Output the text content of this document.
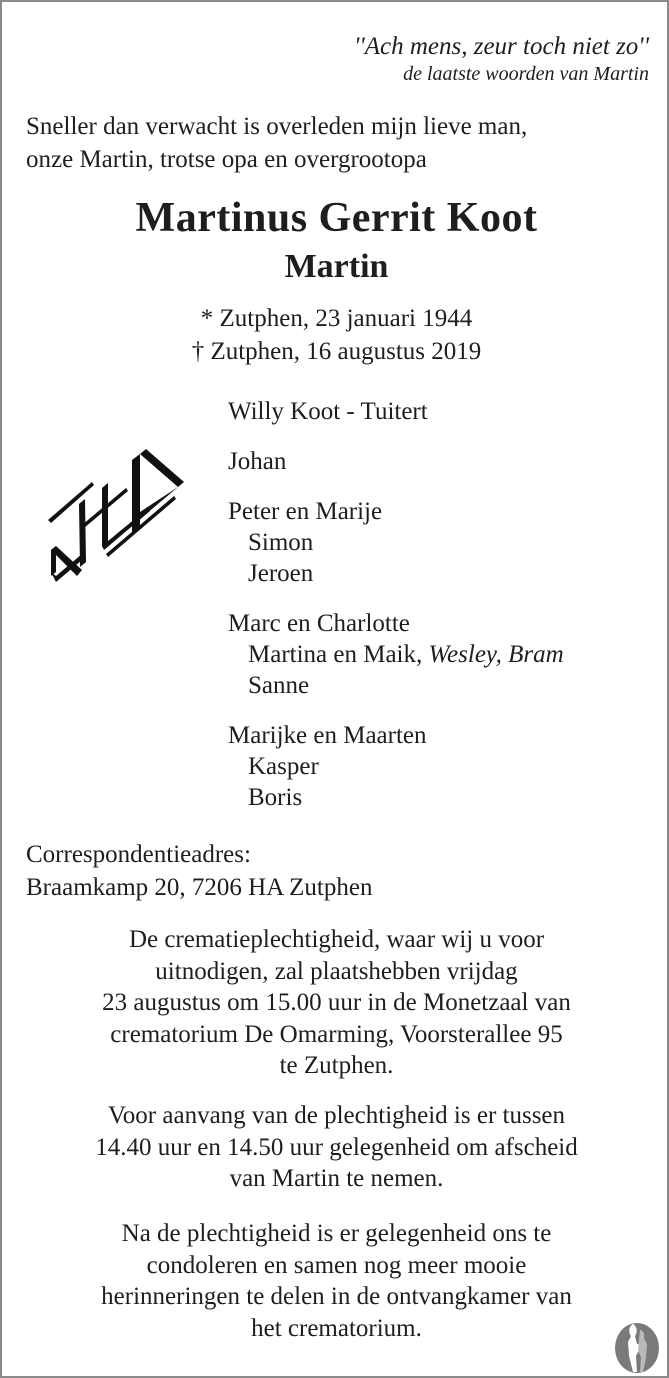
''Ach mens, zeur toch niet zo''
de laatste woorden van Martin
Sneller dan verwacht is overleden mijn lieve man,
onze Martin, trotse opa en overgrootopa
Martinus Gerrit Koot
Martin
* Zutphen, 23 januari 1944
† Zutphen, 16 augustus 2019
Willy Koot - Tuitert
Johan
Peter en Marije
Simon
Jeroen
Marc en Charlotte
Martina en Maik, Wesley, Bram
Sanne
Marijke en Maarten
Kasper
Boris
Correspondentieadres:
Braamkamp 20, 7206 HA Zutphen
De crematieplechtigheid, waar wij u voor
uitnodigen, zal plaatshebben vrijdag
23 augustus om 15.00 uur in de Monetzaal van
crematorium De Omarming, Voorsterallee 95
te Zutphen.
Voor aanvang van de plechtigheid is er tussen
14.40 uur en 14.50 uur gelegenheid om afscheid
van Martin te nemen.
Na de plechtigheid is er gelegenheid ons te
condoleren en samen nog meer mooie
herinneringen te delen in de ontvangkamer van
het crematorium.
